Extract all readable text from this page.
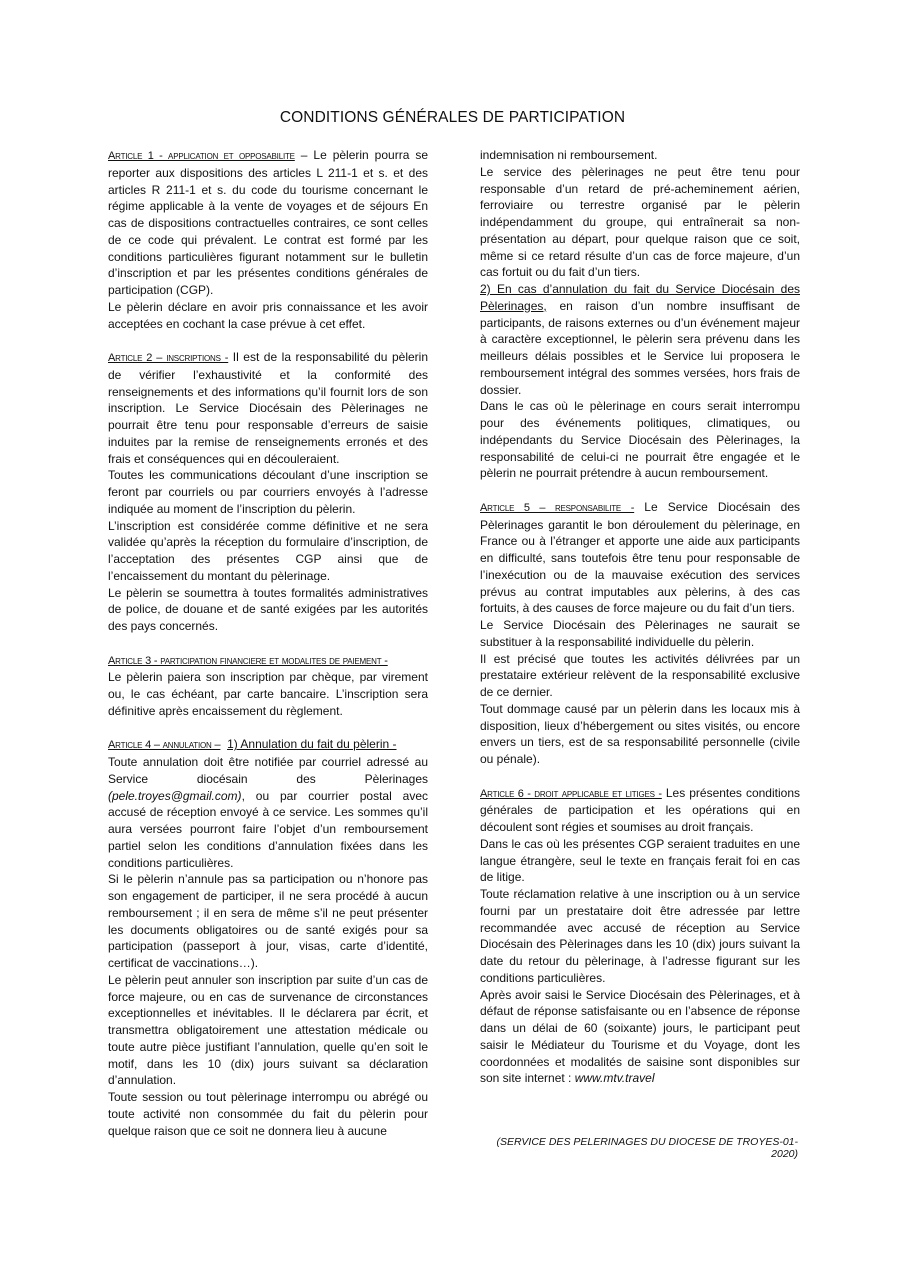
CONDITIONS GÉNÉRALES DE PARTICIPATION

Article 1 - application et opposabilite – Le pèlerin pourra se reporter aux dispositions des articles L 211-1 et s. et des articles R 211-1 et s. du code du tourisme concernant le régime applicable à la vente de voyages et de séjours En cas de dispositions contractuelles contraires, ce sont celles de ce code qui prévalent. Le contrat est formé par les conditions particulières figurant notamment sur le bulletin d’inscription et par les présentes conditions générales de participation (CGP).

Le pèlerin déclare en avoir pris connaissance et les avoir acceptées en cochant la case prévue à cet effet.

Article 2 – inscriptions - Il est de la responsabilité du pèlerin de vérifier l’exhaustivité et la conformité des renseignements et des informations qu’il fournit lors de son inscription. Le Service Diocésain des Pèlerinages ne pourrait être tenu pour responsable d’erreurs de saisie induites par la remise de renseignements erronés et des frais et conséquences qui en découleraient.

Toutes les communications découlant d’une inscription se feront par courriels ou par courriers envoyés à l’adresse indiquée au moment de l’inscription du pèlerin.

L’inscription est considérée comme définitive et ne sera validée qu’après la réception du formulaire d’inscription, de l’acceptation des présentes CGP ainsi que de l’encaissement du montant du pèlerinage.

Le pèlerin se soumettra à toutes formalités administratives de police, de douane et de santé exigées par les autorités des pays concernés.

Article 3 - participation financiere et modalites de paiement -

Le pèlerin paiera son inscription par chèque, par virement ou, le cas échéant, par carte bancaire. L’inscription sera définitive après encaissement du règlement.

Article 4 – annulation – 1) Annulation du fait du pèlerin -

Toute annulation doit être notifiée par courriel adressé au Service diocésain des Pèlerinages (pele.troyes@gmail.com), ou par courrier postal avec accusé de réception envoyé à ce service. Les sommes qu’il aura versées pourront faire l’objet d’un remboursement partiel selon les conditions d’annulation fixées dans les conditions particulières.

Si le pèlerin n’annule pas sa participation ou n’honore pas son engagement de participer, il ne sera procédé à aucun remboursement ; il en sera de même s’il ne peut présenter les documents obligatoires ou de santé exigés pour sa participation (passeport à jour, visas, carte d’identité, certificat de vaccinations…).

Le pèlerin peut annuler son inscription par suite d’un cas de force majeure, ou en cas de survenance de circonstances exceptionnelles et inévitables. Il le déclarera par écrit, et transmettra obligatoirement une attestation médicale ou toute autre pièce justifiant l’annulation, quelle qu’en soit le motif, dans les 10 (dix) jours suivant sa déclaration d’annulation.

Toute session ou tout pèlerinage interrompu ou abrégé ou toute activité non consommée du fait du pèlerin pour quelque raison que ce soit ne donnera lieu à aucune

indemnisation ni remboursement.

Le service des pèlerinages ne peut être tenu pour responsable d’un retard de pré-acheminement aérien, ferroviaire ou terrestre organisé par le pèlerin indépendamment du groupe, qui entraînerait sa non-présentation au départ, pour quelque raison que ce soit, même si ce retard résulte d’un cas de force majeure, d’un cas fortuit ou du fait d’un tiers.

2) En cas d’annulation du fait du Service Diocésain des Pèlerinages, en raison d’un nombre insuffisant de participants, de raisons externes ou d’un événement majeur à caractère exceptionnel, le pèlerin sera prévenu dans les meilleurs délais possibles et le Service lui proposera le remboursement intégral des sommes versées, hors frais de dossier.

Dans le cas où le pèlerinage en cours serait interrompu pour des événements politiques, climatiques, ou indépendants du Service Diocésain des Pèlerinages, la responsabilité de celui-ci ne pourrait être engagée et le pèlerin ne pourrait prétendre à aucun remboursement.

Article 5 – responsabilite - Le Service Diocésain des Pèlerinages garantit le bon déroulement du pèlerinage, en France ou à l’étranger et apporte une aide aux participants en difficulté, sans toutefois être tenu pour responsable de l’inexécution ou de la mauvaise exécution des services prévus au contrat imputables aux pèlerins, à des cas fortuits, à des causes de force majeure ou du fait d’un tiers.

Le Service Diocésain des Pèlerinages ne saurait se substituer à la responsabilité individuelle du pèlerin.

Il est précisé que toutes les activités délivrées par un prestataire extérieur relèvent de la responsabilité exclusive de ce dernier.

Tout dommage causé par un pèlerin dans les locaux mis à disposition, lieux d’hébergement ou sites visités, ou encore envers un tiers, est de sa responsabilité personnelle (civile ou pénale).

Article 6 - droit applicable et litiges - Les présentes conditions générales de participation et les opérations qui en découlent sont régies et soumises au droit français.

Dans le cas où les présentes CGP seraient traduites en une langue étrangère, seul le texte en français ferait foi en cas de litige.

Toute réclamation relative à une inscription ou à un service fourni par un prestataire doit être adressée par lettre recommandée avec accusé de réception au Service Diocésain des Pèlerinages dans les 10 (dix) jours suivant la date du retour du pèlerinage, à l’adresse figurant sur les conditions particulières.

Après avoir saisi le Service Diocésain des Pèlerinages, et à défaut de réponse satisfaisante ou en l’absence de réponse dans un délai de 60 (soixante) jours, le participant peut saisir le Médiateur du Tourisme et du Voyage, dont les coordonnées et modalités de saisine sont disponibles sur son site internet : www.mtv.travel

(SERVICE DES PELERINAGES DU DIOCESE DE TROYES-01-2020)
